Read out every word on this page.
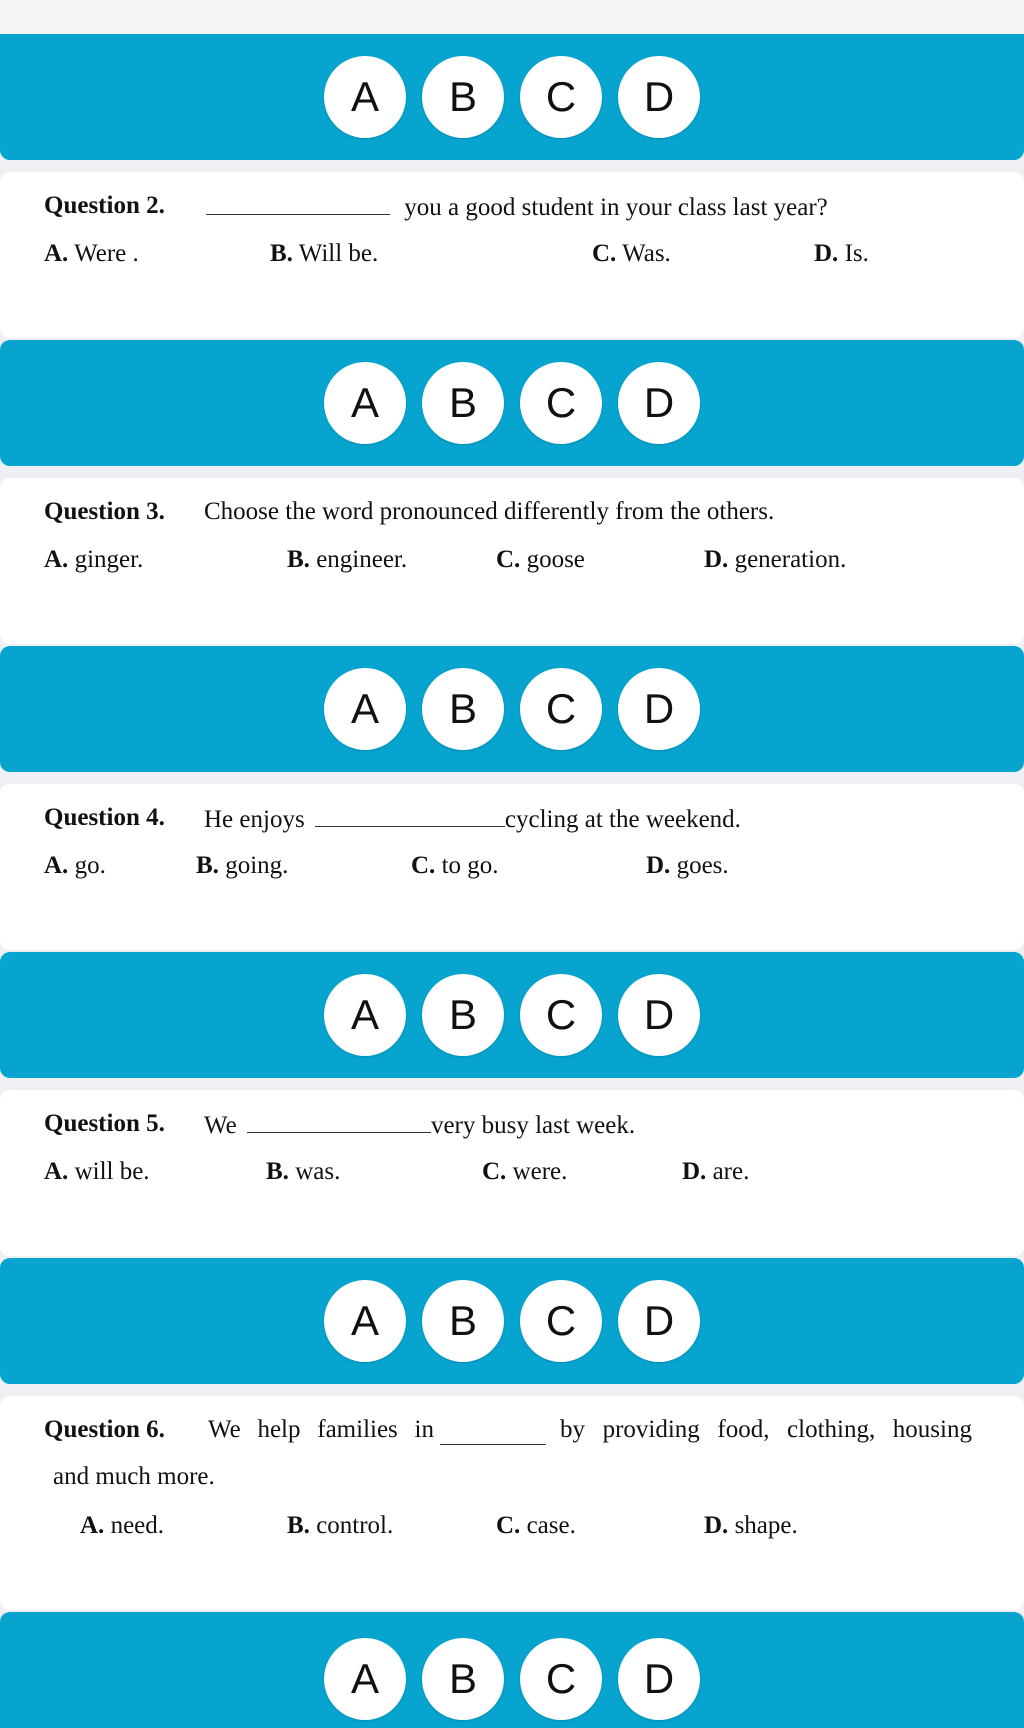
A	B	C	D
Question 2.	you a good student in your class last year?
A. Were .	B. Will be.	C. Was.	D. Is.
A	B	C	D
Question 3. Choose the word pronounced differently from the others.
A. ginger.	B. engineer.	C. goose	D. generation.
A	B	C	D
Question 4. He enjoys	cycling at the weekend.
A. go.	B. going.	C. to go.	D. goes.
A	B	C	D
Question 5. We	very busy last week.
A. will be.	B. was.	C. were.	D. are.
A	B	C	D
Question 6. We help families in	by providing food, clothing, housing
and much more.
A. need.	B. control.	C. case.	D. shape.
A	B	C	D
